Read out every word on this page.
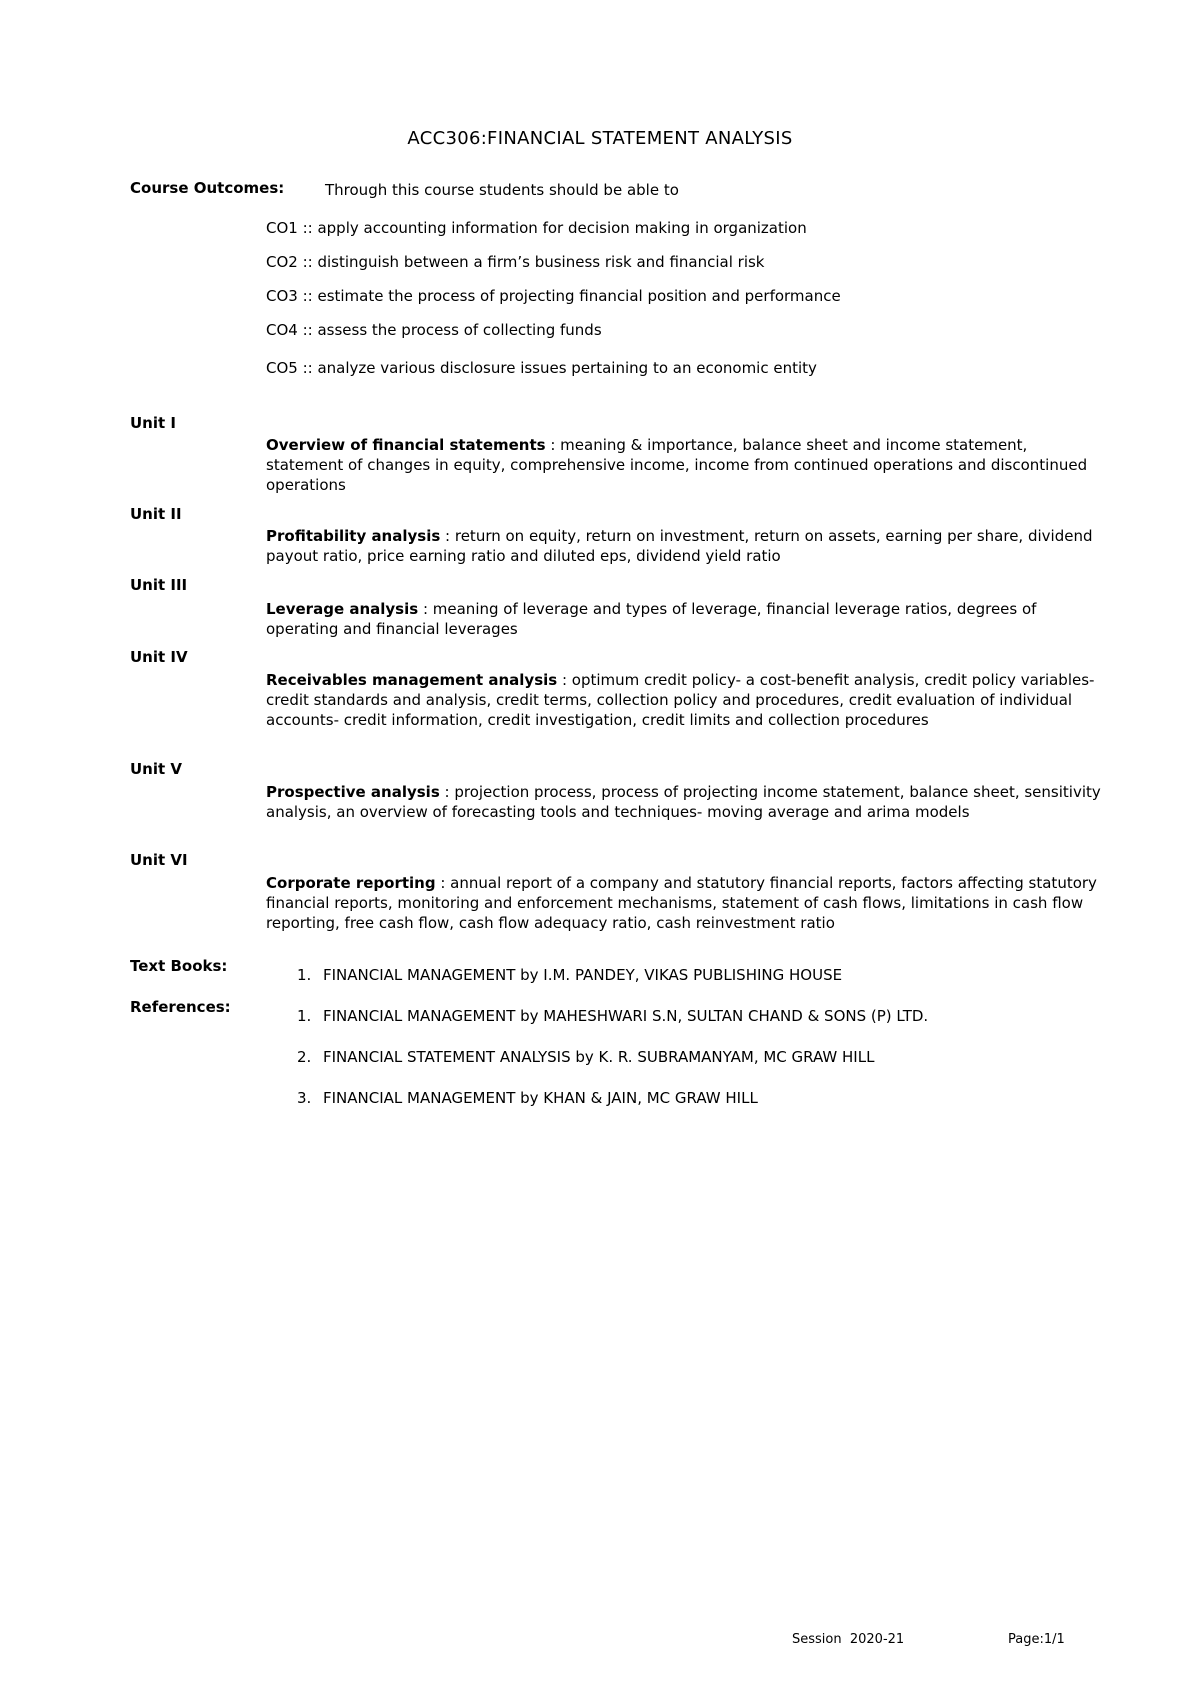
ACC306:FINANCIAL STATEMENT ANALYSIS
Course Outcomes:	Through this course students should be able to
CO1 :: apply accounting information for decision making in organization
CO2 :: distinguish between a firm’s business risk and financial risk
CO3 :: estimate the process of projecting financial position and performance
CO4 :: assess the process of collecting funds
CO5 :: analyze various disclosure issues pertaining to an economic entity
Unit I
Overview of financial statements : meaning & importance, balance sheet and income statement, statement of changes in equity, comprehensive income, income from continued operations and discontinued operations
Unit II
Profitability analysis : return on equity, return on investment, return on assets, earning per share, dividend payout ratio, price earning ratio and diluted eps, dividend yield ratio
Unit III
Leverage analysis : meaning of leverage and types of leverage, financial leverage ratios, degrees of operating and financial leverages
Unit IV
Receivables management analysis : optimum credit policy- a cost-benefit analysis, credit policy variables- credit standards and analysis, credit terms, collection policy and procedures, credit evaluation of individual accounts- credit information, credit investigation, credit limits and collection procedures
Unit V
Prospective analysis : projection process, process of projecting income statement, balance sheet, sensitivity analysis, an overview of forecasting tools and techniques- moving average and arima models
Unit VI
Corporate reporting : annual report of a company and statutory financial reports, factors affecting statutory financial reports, monitoring and enforcement mechanisms, statement of cash flows, limitations in cash flow reporting, free cash flow, cash flow adequacy ratio, cash reinvestment ratio
Text Books:	1. FINANCIAL MANAGEMENT by I.M. PANDEY, VIKAS PUBLISHING HOUSE
References:	1. FINANCIAL MANAGEMENT by MAHESHWARI S.N, SULTAN CHAND & SONS (P) LTD.
2. FINANCIAL STATEMENT ANALYSIS by K. R. SUBRAMANYAM, MC GRAW HILL
3. FINANCIAL MANAGEMENT by KHAN & JAIN, MC GRAW HILL
Session  2020-21	Page:1/1
